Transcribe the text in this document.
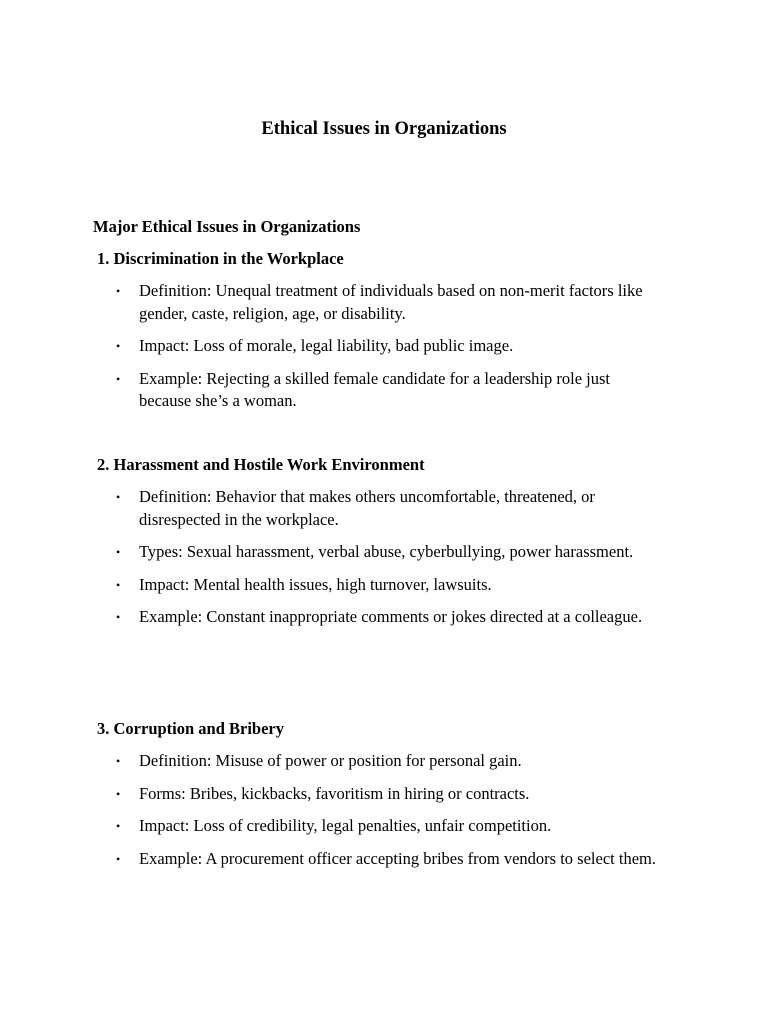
Ethical Issues in Organizations
Major Ethical Issues in Organizations
1. Discrimination in the Workplace
• Definition: Unequal treatment of individuals based on non-merit factors like gender, caste, religion, age, or disability.
• Impact: Loss of morale, legal liability, bad public image.
• Example: Rejecting a skilled female candidate for a leadership role just because she’s a woman.
2. Harassment and Hostile Work Environment
• Definition: Behavior that makes others uncomfortable, threatened, or disrespected in the workplace.
• Types: Sexual harassment, verbal abuse, cyberbullying, power harassment.
• Impact: Mental health issues, high turnover, lawsuits.
• Example: Constant inappropriate comments or jokes directed at a colleague.
3. Corruption and Bribery
• Definition: Misuse of power or position for personal gain.
• Forms: Bribes, kickbacks, favoritism in hiring or contracts.
• Impact: Loss of credibility, legal penalties, unfair competition.
• Example: A procurement officer accepting bribes from vendors to select them.
